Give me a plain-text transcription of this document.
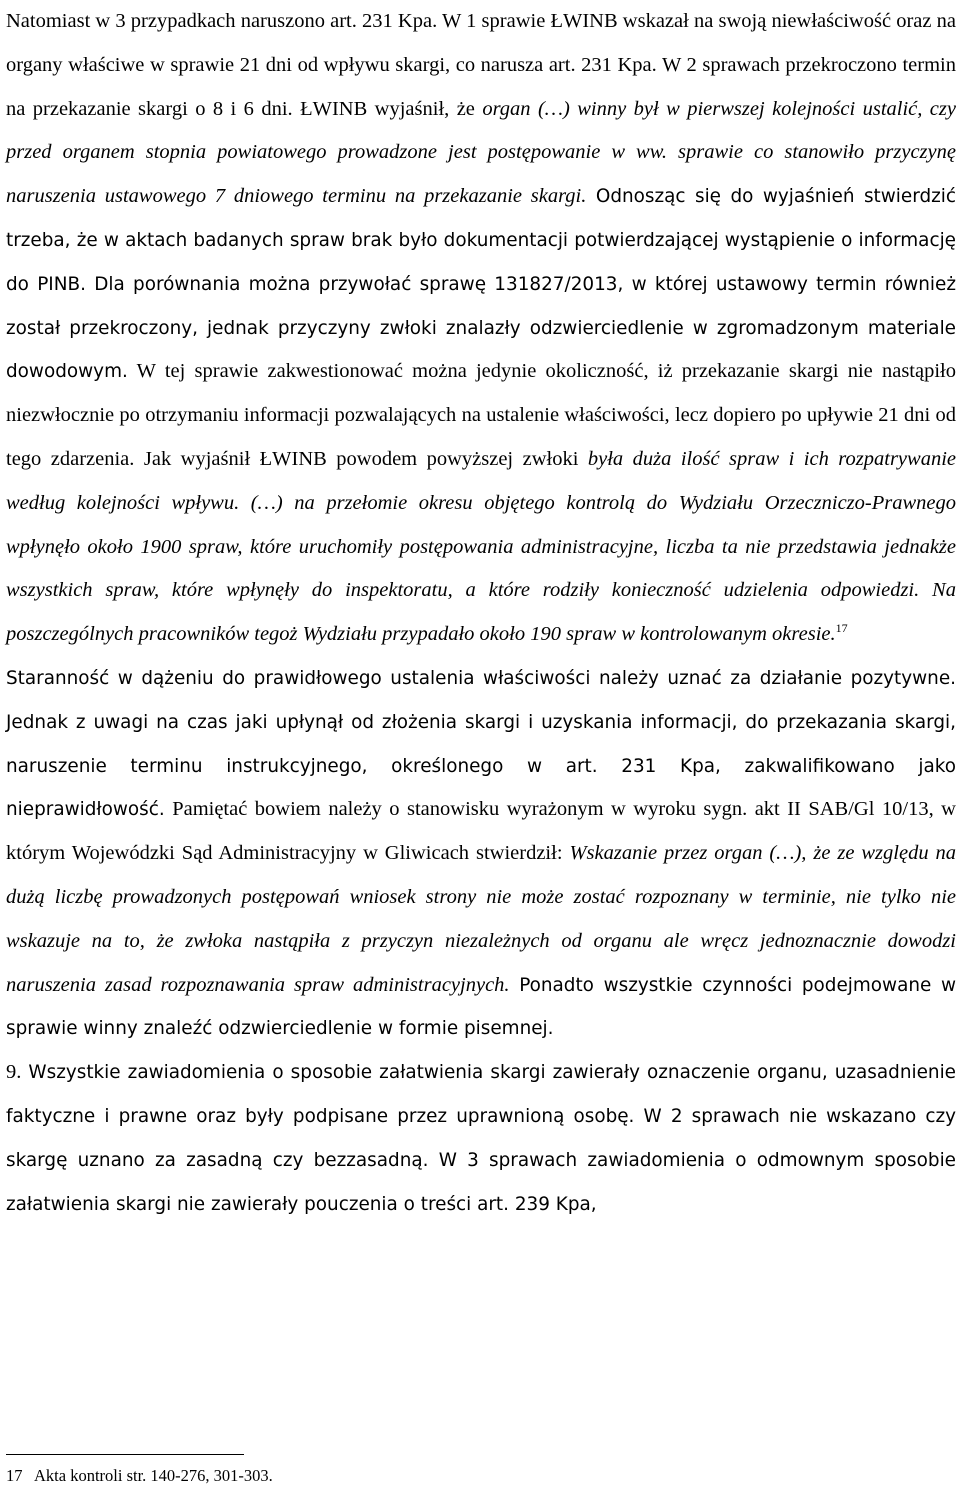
Natomiast w 3 przypadkach naruszono art. 231 Kpa. W 1 sprawie ŁWINB wskazał na swoją niewłaściwość oraz na organy właściwe w sprawie 21 dni od wpływu skargi, co narusza art. 231 Kpa. W 2 sprawach przekroczono termin na przekazanie skargi o 8 i 6 dni. ŁWINB wyjaśnił, że organ (…) winny był w pierwszej kolejności ustalić, czy przed organem stopnia powiatowego prowadzone jest postępowanie w ww. sprawie co stanowiło przyczynę naruszenia ustawowego 7 dniowego terminu na przekazanie skargi. Odnosząc się do wyjaśnień stwierdzić trzeba, że w aktach badanych spraw brak było dokumentacji potwierdzającej wystąpienie o informację do PINB. Dla porównania można przywołać sprawę 131827/2013, w której ustawowy termin również został przekroczony, jednak przyczyny zwłoki znalazły odzwierciedlenie w zgromadzonym materiale dowodowym. W tej sprawie zakwestionować można jedynie okoliczność, iż przekazanie skargi nie nastąpiło niezwłocznie po otrzymaniu informacji pozwalających na ustalenie właściwości, lecz dopiero po upływie 21 dni od tego zdarzenia. Jak wyjaśnił ŁWINB powodem powyższej zwłoki była duża ilość spraw i ich rozpatrywanie według kolejności wpływu. (…) na przełomie okresu objętego kontrolą do Wydziału Orzeczniczo-Prawnego wpłynęło około 1900 spraw, które uruchomiły postępowania administracyjne, liczba ta nie przedstawia jednakże wszystkich spraw, które wpłynęły do inspektoratu, a które rodziły konieczność udzielenia odpowiedzi. Na poszczególnych pracowników tegoż Wydziału przypadało około 190 spraw w kontrolowanym okresie.$^{17}$

Staranność w dążeniu do prawidłowego ustalenia właściwości należy uznać za działanie pozytywne. Jednak z uwagi na czas jaki upłynął od złożenia skargi i uzyskania informacji, do przekazania skargi, naruszenie terminu instrukcyjnego, określonego w art. 231 Kpa, zakwalifikowano jako nieprawidłowość. Pamiętać bowiem należy o stanowisku wyrażonym w wyroku sygn. akt II SAB/Gl 10/13, w którym Wojewódzki Sąd Administracyjny w Gliwicach stwierdził: Wskazanie przez organ (…), że ze względu na dużą liczbę prowadzonych postępowań wniosek strony nie może zostać rozpoznany w terminie, nie tylko nie wskazuje na to, że zwłoka nastąpiła z przyczyn niezależnych od organu ale wręcz jednoznacznie dowodzi naruszenia zasad rozpoznawania spraw administracyjnych. Ponadto wszystkie czynności podejmowane w sprawie winny znaleźć odzwierciedlenie w formie pisemnej.

9. Wszystkie zawiadomienia o sposobie załatwienia skargi zawierały oznaczenie organu, uzasadnienie faktyczne i prawne oraz były podpisane przez uprawnioną osobę. W 2 sprawach nie wskazano czy skargę uznano za zasadną czy bezzasadną. W 3 sprawach zawiadomienia o odmownym sposobie załatwienia skargi nie zawierały pouczenia o treści art. 239 Kpa,

17 Akta kontroli str. 140-276, 301-303.
